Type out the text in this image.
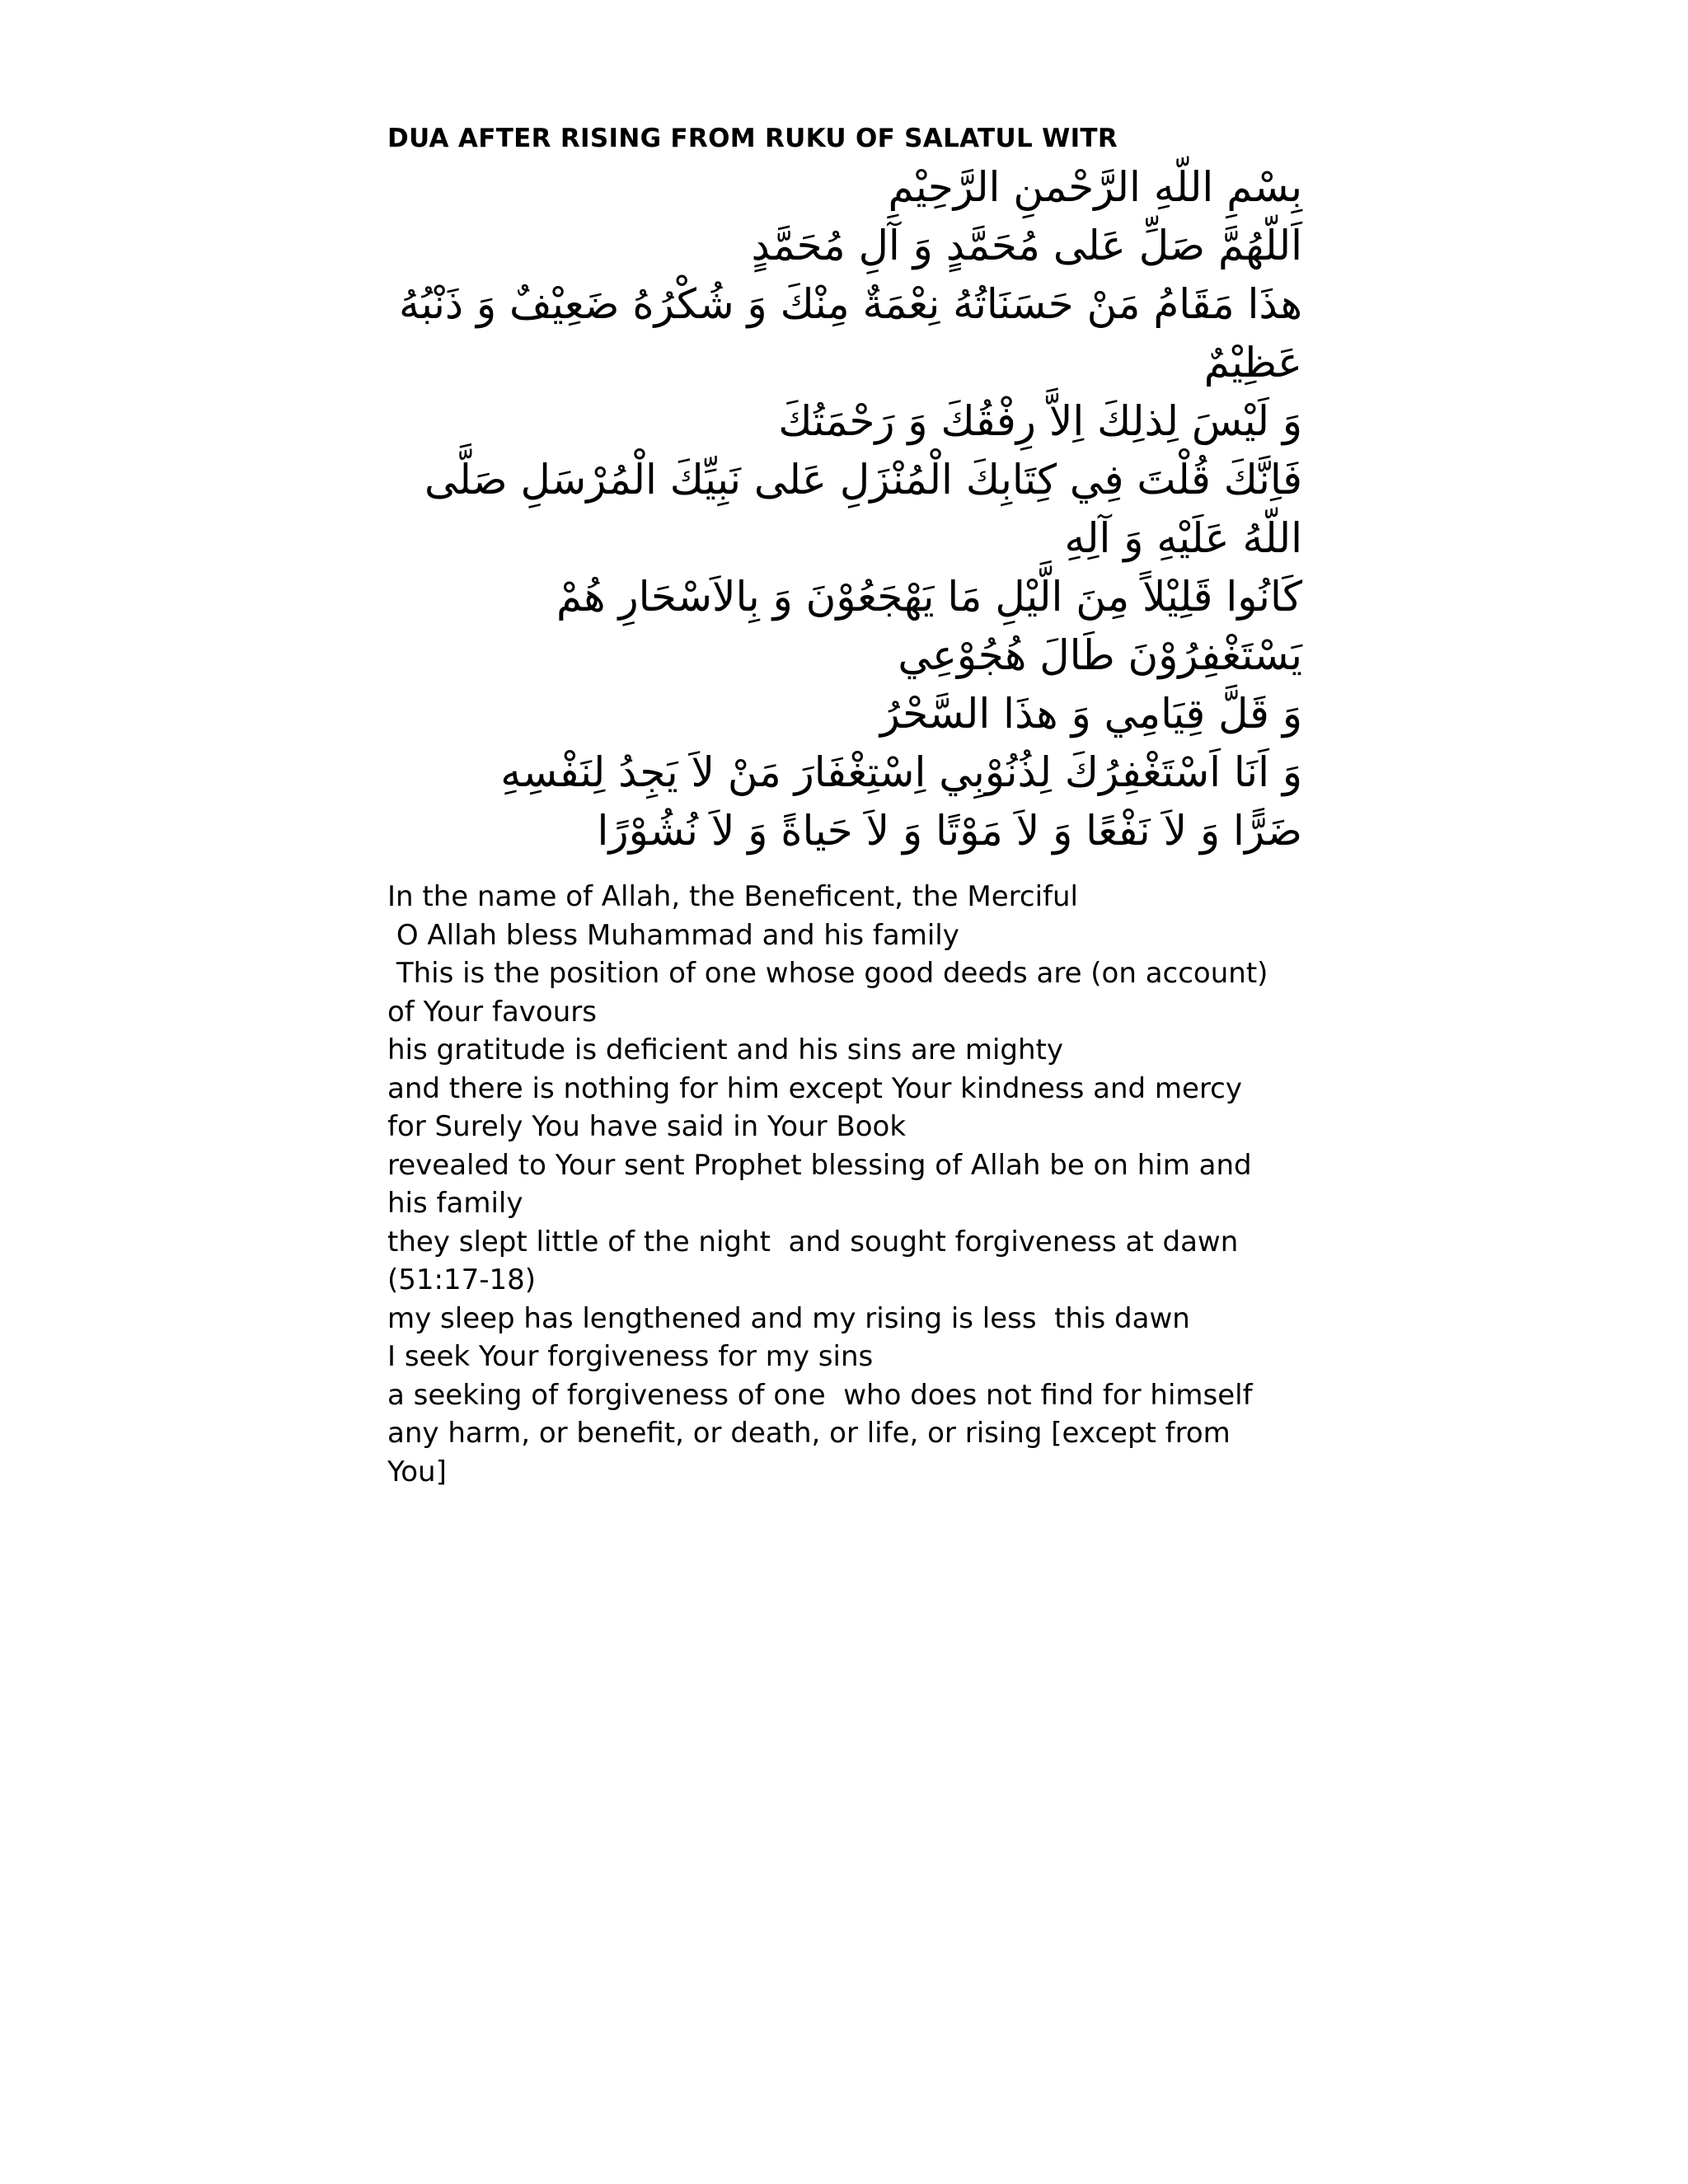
DUA AFTER RISING FROM RUKU OF SALATUL WITR
بِسْمِ اللّهِ الرَّحْمنِ الرَّحِيْمِ
اَللّهُمَّ صَلِّ عَلى مُحَمَّدٍ وَ آلِ مُحَمَّدٍ
هذَا مَقَامُ مَنْ حَسَنَاتُهُ نِعْمَةٌ مِنْكَ وَ شُكْرُهُ ضَعِيْفٌ وَ ذَنْبُهُ عَظِيْمٌ
وَ لَيْسَ لِذلِكَ اِلاَّ رِفْقُكَ وَ رَحْمَتُكَ
فَاِنَّكَ قُلْتَ فِي كِتَابِكَ الْمُنْزَلِ عَلى نَبِيِّكَ الْمُرْسَلِ صَلَّى اللّهُ عَلَيْهِ وَ آلِهِ
كَانُوا قَلِيْلاً مِنَ الَّيْلِ مَا يَهْجَعُوْنَ وَ بِالاَسْحَارِ هُمْ يَسْتَغْفِرُوْنَ طَالَ هُجُوْعِي
وَ قَلَّ قِيَامِي وَ هذَا السَّحْرُ
وَ اَنَا اَسْتَغْفِرُكَ لِذُنُوْبِي اِسْتِغْفَارَ مَنْ لاَ يَجِدُ لِنَفْسِهِ
ضَرًّا وَ لاَ نَفْعًا وَ لاَ مَوْتًا وَ لاَ حَياةً وَ لاَ نُشُوْرًا
In the name of Allah, the Beneficent, the Merciful
O Allah bless Muhammad and his family
This is the position of one whose good deeds are (on account) of Your favours
his gratitude is deficient and his sins are mighty
and there is nothing for him except Your kindness and mercy
for Surely You have said in Your Book
revealed to Your sent Prophet blessing of Allah be on him and his family
they slept little of the night  and sought forgiveness at dawn (51:17-18)
my sleep has lengthened and my rising is less  this dawn
I seek Your forgiveness for my sins
a seeking of forgiveness of one  who does not find for himself
any harm, or benefit, or death, or life, or rising [except from You]
